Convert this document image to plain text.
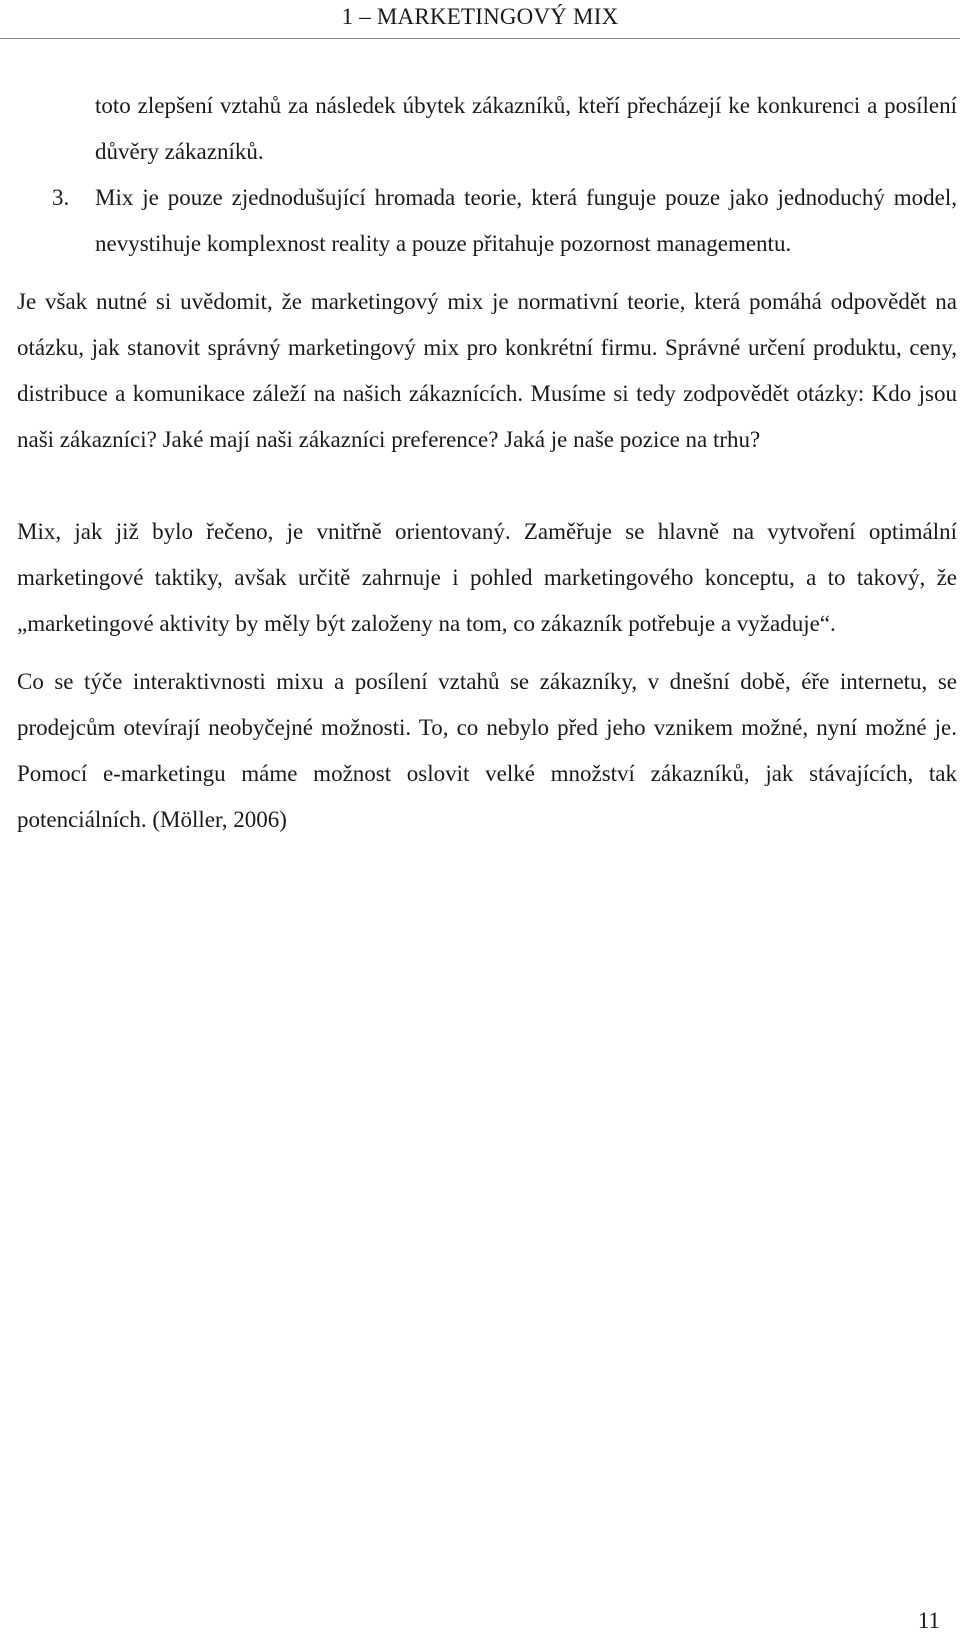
1 – MARKETINGOVÝ MIX

toto zlepšení vztahů za následek úbytek zákazníků, kteří přecházejí ke konkurenci a posílení důvěry zákazníků.

3. Mix je pouze zjednodušující hromada teorie, která funguje pouze jako jednoduchý model, nevystihuje komplexnost reality a pouze přitahuje pozornost managementu.

Je však nutné si uvědomit, že marketingový mix je normativní teorie, která pomáhá odpovědět na otázku, jak stanovit správný marketingový mix pro konkrétní firmu. Správné určení produktu, ceny, distribuce a komunikace záleží na našich zákaznících. Musíme si tedy zodpovědět otázky: Kdo jsou naši zákazníci? Jaké mají naši zákazníci preference? Jaká je naše pozice na trhu?

Mix, jak již bylo řečeno, je vnitřně orientovaný. Zaměřuje se hlavně na vytvoření optimální marketingové taktiky, avšak určitě zahrnuje i pohled marketingového konceptu, a to takový, že „marketingové aktivity by měly být založeny na tom, co zákazník potřebuje a vyžaduje“.

Co se týče interaktivnosti mixu a posílení vztahů se zákazníky, v dnešní době, éře internetu, se prodejcům otevírají neobyčejné možnosti. To, co nebylo před jeho vznikem možné, nyní možné je. Pomocí e-marketingu máme možnost oslovit velké množství zákazníků, jak stávajících, tak potenciálních. (Möller, 2006)

11
